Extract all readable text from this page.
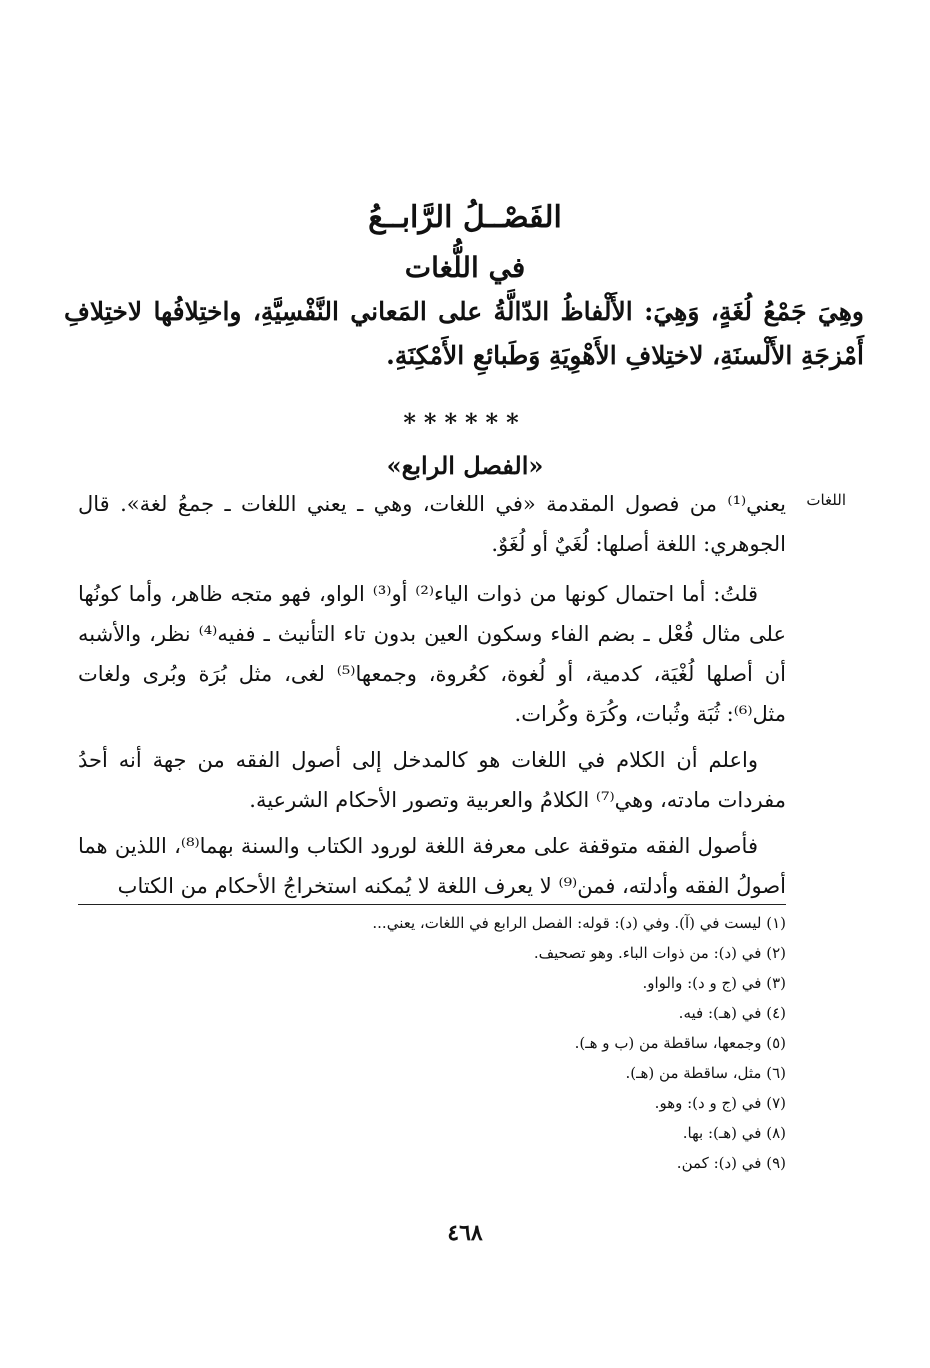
الفَصْــلُ الرَّابــعُ
في اللُّغات
وهِيَ جَمْعُ لُغَةٍ، وَهِيَ: الأَلْفاظُ الدّالَّةُ على المَعاني النَّفْسِيَّةِ، واختِلافُها لاختِلافِ أَمْزجَةِ الأَلْسنَةِ، لاختِلافِ الأَهْوِيَةِ وَطَبائعِ الأَمْكِنَةِ.
******
«الفصل الرابع»
اللغات

يعني⁽¹⁾ من فصول المقدمة «في اللغات، وهي ـ يعني اللغات ـ جمعُ لغة». قال الجوهري: اللغة أصلها: لُغَيٌ أو لُغَوٌ.

قلتُ: أما احتمال كونها من ذوات الياء⁽²⁾ أو⁽³⁾ الواو، فهو متجه ظاهر، وأما كونُها على مثال فُعْل ـ بضم الفاء وسكون العين بدون تاء التأنيث ـ ففيه⁽⁴⁾ نظر، والأشبه أن أصلها لُغْيَة، كدمية، أو لُغوة، كعُروة، وجمعها⁽⁵⁾ لغى، مثل بُرَة وبُرى ولغات مثل⁽⁶⁾: ثُبَة وثُبات، وكُرَة وكُرات.

واعلم أن الكلام في اللغات هو كالمدخل إلى أصول الفقه من جهة أنه أحدُ مفردات مادته، وهي⁽⁷⁾ الكلامُ والعربية وتصور الأحكام الشرعية.

فأصول الفقه متوقفة على معرفة اللغة لورود الكتاب والسنة بهما⁽⁸⁾، اللذين هما أصولُ الفقه وأدلته، فمن⁽⁹⁾ لا يعرف اللغة لا يُمكنه استخراجُ الأحكام من الكتاب

(١) ليست في (آ). وفي (د): قوله: الفصل الرابع في اللغات، يعني...

(٢) في (د): من ذوات الباء. وهو تصحيف.

(٣) في (ج و د): والواو.

(٤) في (هـ): فيه.

(٥) وجمعها، ساقطة من (ب و هـ).

(٦) مثل، ساقطة من (هـ).

(٧) في (ج و د): وهو.

(٨) في (هـ): بها.

(٩) في (د): كمن.

٤٦٨
